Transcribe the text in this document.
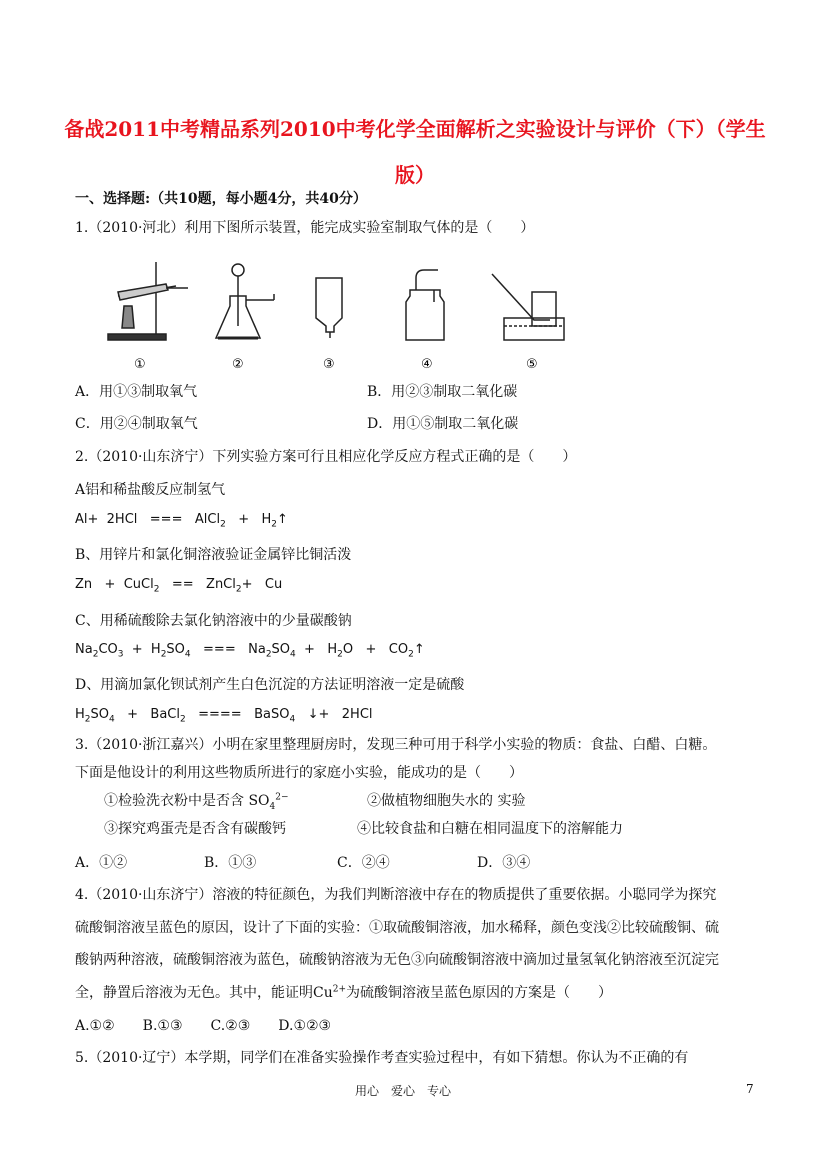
备战2011中考精品系列2010中考化学全面解析之实验设计与评价（下）（学生
版）
一、选择题:（共10题，每小题4分，共40分）
1.（2010·河北）利用下图所示装置，能完成实验室制取气体的是（　　）
①	②	③	④	⑤
A．用①③制取氧气	B．用②③制取二氧化碳
C．用②④制取氧气	D．用①⑤制取二氧化碳
2.（2010·山东济宁）下列实验方案可行且相应化学反应方程式正确的是（　　）
A铝和稀盐酸反应制氢气
Al+  2HCl   ===   AlCl$_2$   +   $H_2↑$
B、用锌片和氯化铜溶液验证金属锌比铜活泼
Zn   +  CuCl$_2$   ==   ZnCl$_2$+   Cu
C、用稀硫酸除去氯化钠溶液中的少量碳酸钠
$Na_2CO_3 + H_2SO_4$   ===   $Na_2SO_4 + H_2O$   +   $CO_2↑$
D、用滴加氯化钡试剂产生白色沉淀的方法证明溶液一定是硫酸
$H_2SO_4$   +   BaCl$_2$   ====   BaSO$_4$   ↓+   2HCl
3.（2010·浙江嘉兴）小明在家里整理厨房时，发现三种可用于科学小实验的物质：食盐、白醋、白糖。
下面是他设计的利用这些物质所进行的家庭小实验，能成功的是（　　）
①检验洗衣粉中是否含 $SO_4^{2-}$	②做植物细胞失水的 实验
③探究鸡蛋壳是否含有碳酸钙	④比较食盐和白糖在相同温度下的溶解能力
A．①②	B．①③	C．②④	D．③④
4.（2010·山东济宁）溶液的特征颜色，为我们判断溶液中存在的物质提供了重要依据。小聪同学为探究
硫酸铜溶液呈蓝色的原因，设计了下面的实验：①取硫酸铜溶液，加水稀释，颜色变浅②比较硫酸铜、硫
酸钠两种溶液，硫酸铜溶液为蓝色，硫酸钠溶液为无色③向硫酸铜溶液中滴加过量氢氧化钠溶液至沉淀完
全，静置后溶液为无色。其中，能证明$Cu^{2+}$为硫酸铜溶液呈蓝色原因的方案是（　　）
A.①②　　B.①③　　C.②③　　D.①②③
5.（2010·辽宁）本学期，同学们在准备实验操作考查实验过程中，有如下猜想。你认为不正确的有
用心　爱心　专心	7
